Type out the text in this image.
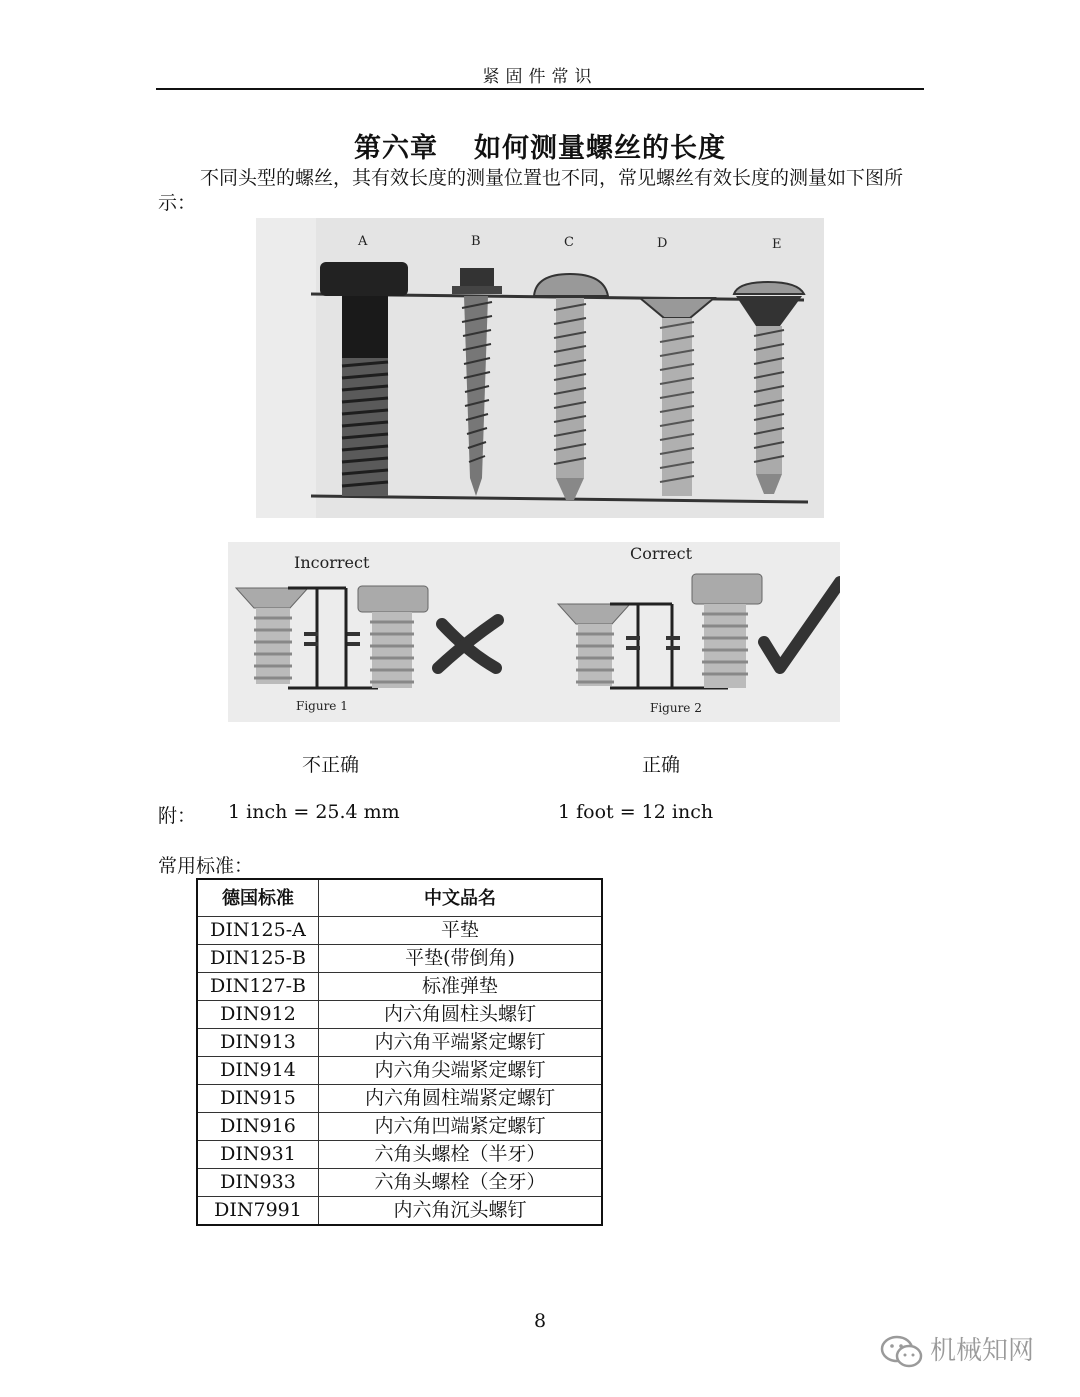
紧固件常识
第六章 如何测量螺丝的长度
不同头型的螺丝，其有效长度的测量位置也不同，常见螺丝有效长度的测量如下图所示：
A	B	C	D	E
Incorrect	Correct
Figure 1	Figure 2
不正确	正确
附： 1 inch = 25.4 mm	1 foot = 12 inch
常用标准：
德国标准	中文品名
DIN125-A	平垫
DIN125-B	平垫(带倒角)
DIN127-B	标准弹垫
DIN912	内六角圆柱头螺钉
DIN913	内六角平端紧定螺钉
DIN914	内六角尖端紧定螺钉
DIN915	内六角圆柱端紧定螺钉
DIN916	内六角凹端紧定螺钉
DIN931	六角头螺栓（半牙）
DIN933	六角头螺栓（全牙）
DIN7991	内六角沉头螺钉
8
机械知网
